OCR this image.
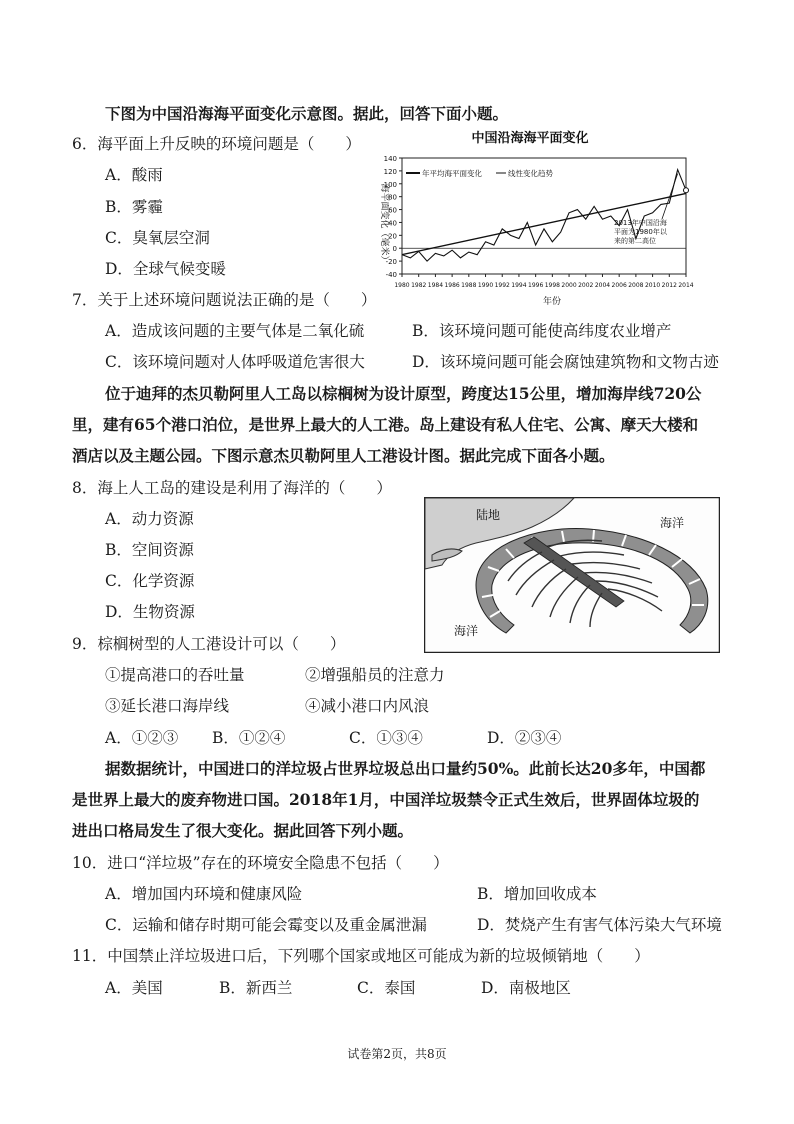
下图为中国沿海海平面变化示意图。据此，回答下面小题。
6．海平面上升反映的环境问题是（　　）
A．酸雨
B．雾霾
C．臭氧层空洞
D．全球气候变暖
7．关于上述环境问题说法正确的是（　　）
A．造成该问题的主要气体是二氧化硫	B．该环境问题可能使高纬度农业增产
C．该环境问题对人体呼吸道危害很大	D．该环境问题可能会腐蚀建筑物和文物古迹
位于迪拜的杰贝勒阿里人工岛以棕榈树为设计原型，跨度达15公里，增加海岸线720公
里，建有65个港口泊位，是世界上最大的人工港。岛上建设有私人住宅、公寓、摩天大楼和
酒店以及主题公园。下图示意杰贝勒阿里人工港设计图。据此完成下面各小题。
8．海上人工岛的建设是利用了海洋的（　　）
A．动力资源
B．空间资源
C．化学资源
D．生物资源
9．棕榈树型的人工港设计可以（　　）
①提高港口的吞吐量	②增强船员的注意力
③延长港口海岸线	④减小港口内风浪
A．①②③ B．①②④	C．①③④	D．②③④
据数据统计，中国进口的洋垃圾占世界垃圾总出口量约50%。此前长达20多年，中国都
是世界上最大的废弃物进口国。2018年1月，中国洋垃圾禁令正式生效后，世界固体垃圾的
进出口格局发生了很大变化。据此回答下列小题。
10．进口“洋垃圾”存在的环境安全隐患不包括（　　）
A．增加国内环境和健康风险	B．增加回收成本
C．运输和储存时期可能会霉变以及重金属泄漏	D．焚烧产生有害气体污染大气环境
11．中国禁止洋垃圾进口后，下列哪个国家或地区可能成为新的垃圾倾销地（　　）
A．美国	B．新西兰	C．泰国	D．南极地区
中国沿海海平面变化
海平面变化（毫米）
年份
-40
-20
0
20
40
60
80
100
120
140
1980 1982 1984 1986 1988 1990 1992 1994 1996 1998 2000 2002 2004 2006 2008 2010 2012 2014
年平均海平面变化	线性变化趋势
2013年中国沿海
平面为1980年以
来的第二高位
陆地
海洋
海洋
试卷第2页，共8页
